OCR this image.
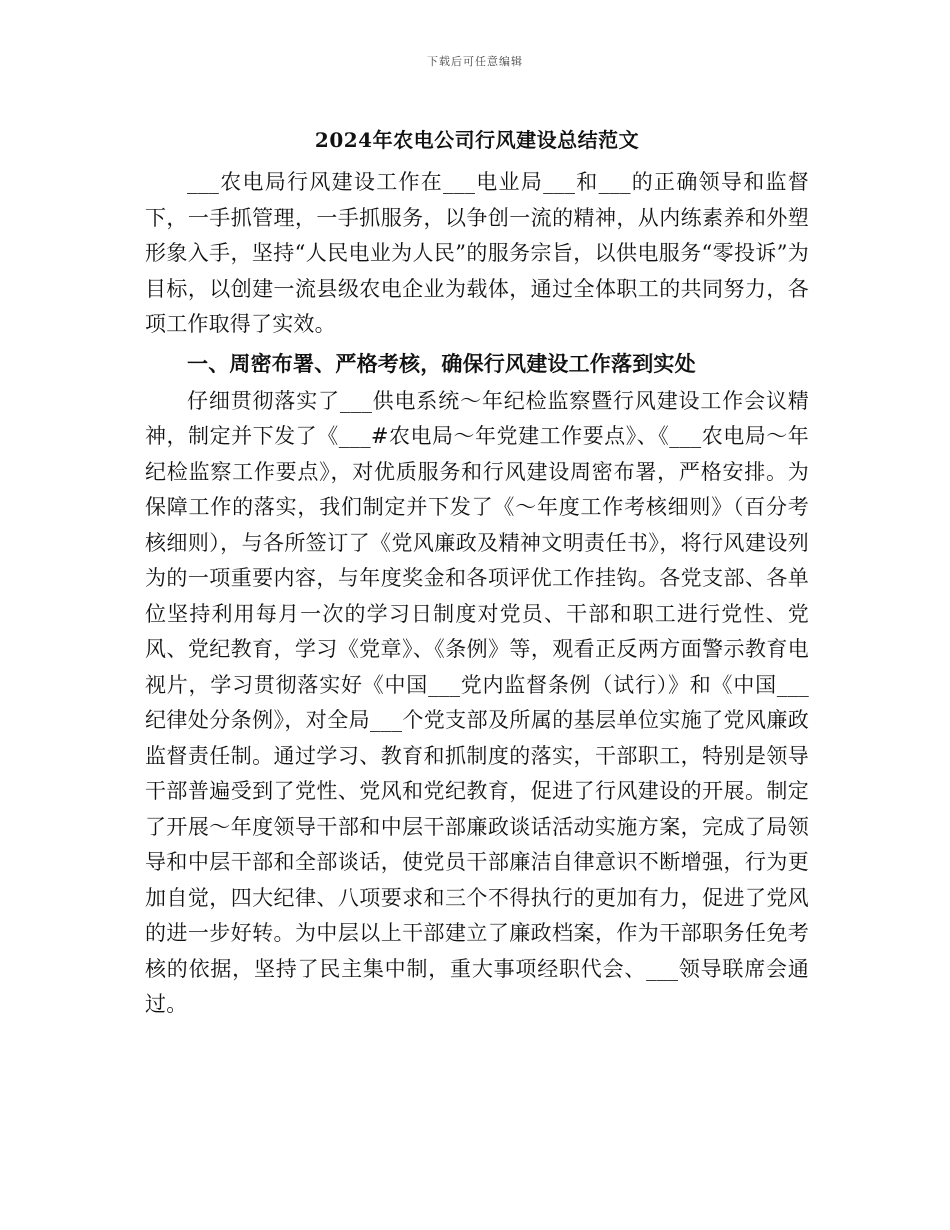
下载后可任意编辑
2024年农电公司行风建设总结范文

___农电局行风建设工作在___电业局___和___的正确领导和监督下，一手抓管理，一手抓服务，以争创一流的精神，从内练素养和外塑形象入手，坚持“人民电业为人民”的服务宗旨，以供电服务“零投诉”为目标，以创建一流县级农电企业为载体，通过全体职工的共同努力，各项工作取得了实效。

一、周密布署、严格考核，确保行风建设工作落到实处

仔细贯彻落实了___供电系统～年纪检监察暨行风建设工作会议精神，制定并下发了《___#农电局～年党建工作要点》、《___农电局～年纪检监察工作要点》，对优质服务和行风建设周密布署，严格安排。为保障工作的落实，我们制定并下发了《～年度工作考核细则》（百分考核细则），与各所签订了《党风廉政及精神文明责任书》，将行风建设列为的一项重要内容，与年度奖金和各项评优工作挂钩。各党支部、各单位坚持利用每月一次的学习日制度对党员、干部和职工进行党性、党风、党纪教育，学习《党章》、《条例》等，观看正反两方面警示教育电视片，学习贯彻落实好《中国___党内监督条例（试行）》和《中国___纪律处分条例》，对全局___个党支部及所属的基层单位实施了党风廉政监督责任制。通过学习、教育和抓制度的落实，干部职工，特别是领导干部普遍受到了党性、党风和党纪教育，促进了行风建设的开展。制定了开展～年度领导干部和中层干部廉政谈话活动实施方案，完成了局领导和中层干部和全部谈话，使党员干部廉洁自律意识不断增强，行为更加自觉，四大纪律、八项要求和三个不得执行的更加有力，促进了党风的进一步好转。为中层以上干部建立了廉政档案，作为干部职务任免考核的依据，坚持了民主集中制，重大事项经职代会、___领导联席会通过。
